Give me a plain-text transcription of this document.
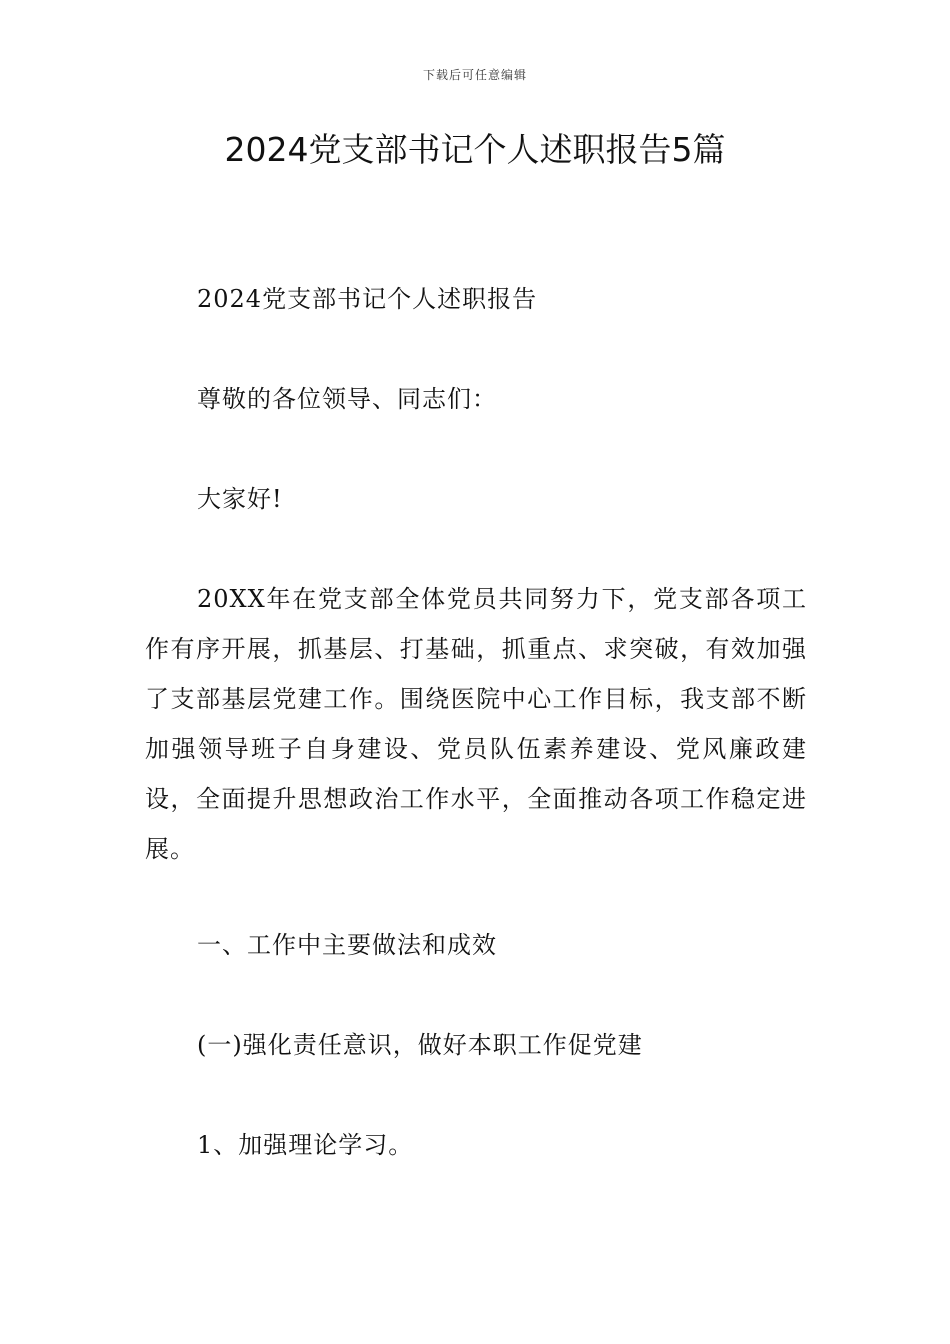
下载后可任意编辑
2024党支部书记个人述职报告5篇

2024党支部书记个人述职报告

尊敬的各位领导、同志们：

大家好!

20XX年在党支部全体党员共同努力下，党支部各项工作有序开展，抓基层、打基础，抓重点、求突破，有效加强了支部基层党建工作。围绕医院中心工作目标，我支部不断加强领导班子自身建设、党员队伍素养建设、党风廉政建设，全面提升思想政治工作水平，全面推动各项工作稳定进展。

一、工作中主要做法和成效

(一)强化责任意识，做好本职工作促党建

1、加强理论学习。
